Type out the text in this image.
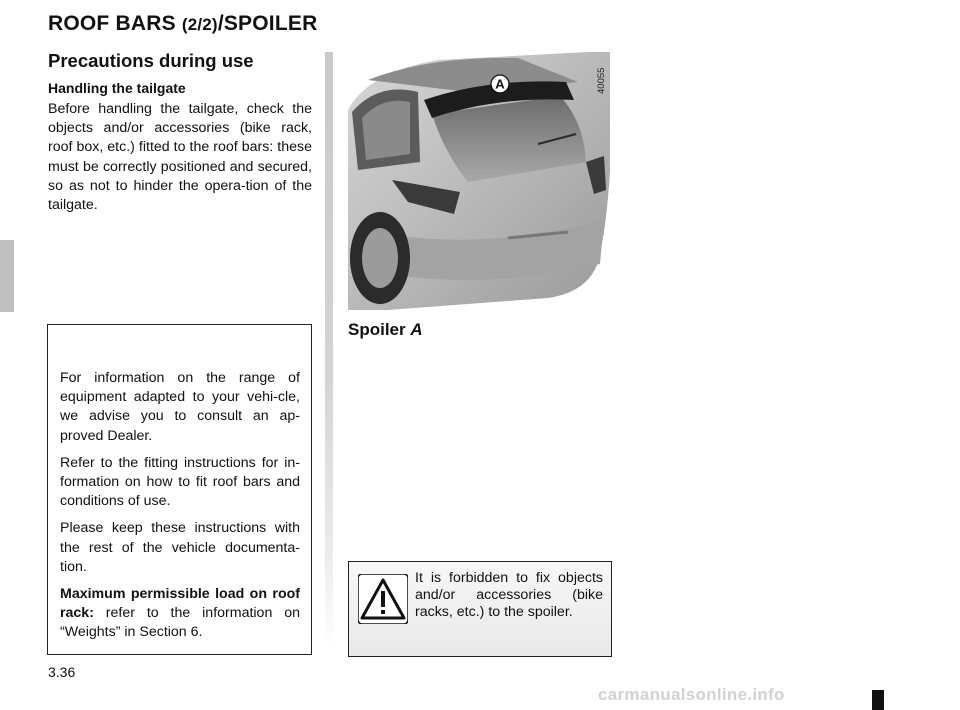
ROOF BARS (2/2)/SPOILER
Precautions during use
Handling the tailgate
Before handling the tailgate, check the objects and/or accessories (bike rack, roof box, etc.) fitted to the roof bars: these must be correctly positioned and secured, so as not to hinder the opera-tion of the tailgate.

For information on the range of equipment adapted to your vehi-cle, we advise you to consult an ap-proved Dealer.

Refer to the fitting instructions for in-formation on how to fit roof bars and conditions of use.

Please keep these instructions with the rest of the vehicle documenta-tion.

Maximum permissible load on roof rack: refer to the information on “Weights” in Section 6.

A	40055
Spoiler A
It is forbidden to fix objects and/or accessories (bike racks, etc.) to the spoiler.
3.36
carmanualsonline.info
